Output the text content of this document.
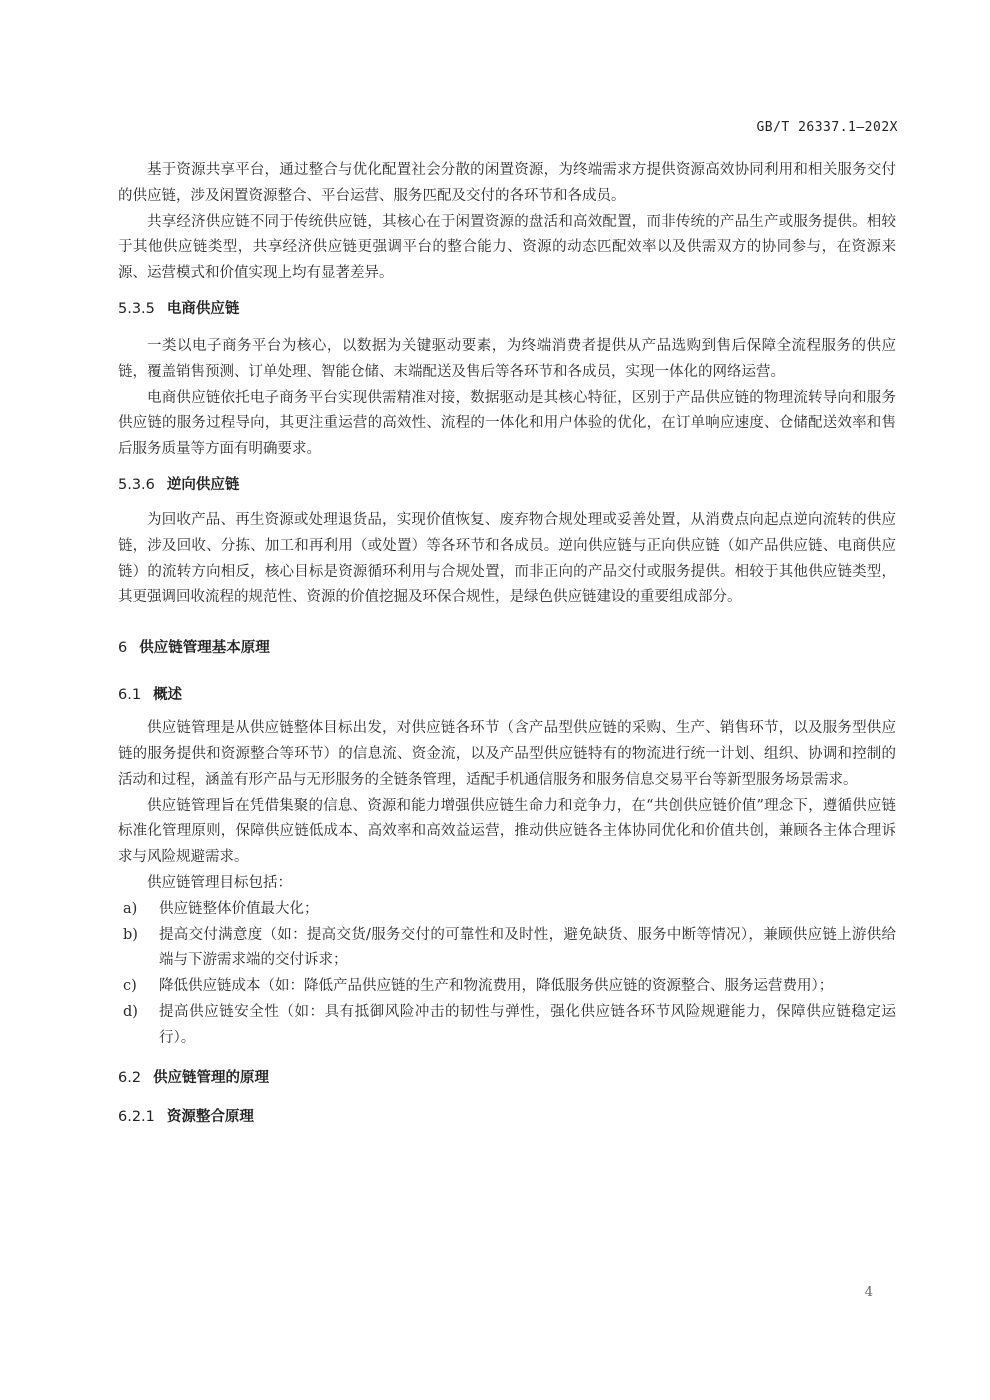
GB/T 26337.1—202X

基于资源共享平台，通过整合与优化配置社会分散的闲置资源，为终端需求方提供资源高效协同利用和相关服务交付的供应链，涉及闲置资源整合、平台运营、服务匹配及交付的各环节和各成员。

共享经济供应链不同于传统供应链，其核心在于闲置资源的盘活和高效配置，而非传统的产品生产或服务提供。相较于其他供应链类型，共享经济供应链更强调平台的整合能力、资源的动态匹配效率以及供需双方的协同参与，在资源来源、运营模式和价值实现上均有显著差异。

5.3.5 电商供应链

一类以电子商务平台为核心，以数据为关键驱动要素，为终端消费者提供从产品选购到售后保障全流程服务的供应链，覆盖销售预测、订单处理、智能仓储、末端配送及售后等各环节和各成员，实现一体化的网络运营。

电商供应链依托电子商务平台实现供需精准对接，数据驱动是其核心特征，区别于产品供应链的物理流转导向和服务供应链的服务过程导向，其更注重运营的高效性、流程的一体化和用户体验的优化，在订单响应速度、仓储配送效率和售后服务质量等方面有明确要求。

5.3.6 逆向供应链

为回收产品、再生资源或处理退货品，实现价值恢复、废弃物合规处理或妥善处置，从消费点向起点逆向流转的供应链，涉及回收、分拣、加工和再利用（或处置）等各环节和各成员。逆向供应链与正向供应链（如产品供应链、电商供应链）的流转方向相反，核心目标是资源循环利用与合规处置，而非正向的产品交付或服务提供。相较于其他供应链类型，其更强调回收流程的规范性、资源的价值挖掘及环保合规性，是绿色供应链建设的重要组成部分。

6 供应链管理基本原理
6.1 概述

供应链管理是从供应链整体目标出发，对供应链各环节（含产品型供应链的采购、生产、销售环节，以及服务型供应链的服务提供和资源整合等环节）的信息流、资金流，以及产品型供应链特有的物流进行统一计划、组织、协调和控制的活动和过程，涵盖有形产品与无形服务的全链条管理，适配手机通信服务和服务信息交易平台等新型服务场景需求。

供应链管理旨在凭借集聚的信息、资源和能力增强供应链生命力和竞争力，在“共创供应链价值”理念下，遵循供应链标准化管理原则，保障供应链低成本、高效率和高效益运营，推动供应链各主体协同优化和价值共创，兼顾各主体合理诉求与风险规避需求。

供应链管理目标包括：

a)	供应链整体价值最大化；
b)	提高交付满意度（如：提高交货/服务交付的可靠性和及时性，避免缺货、服务中断等情况），兼顾供应链上游供给端与下游需求端的交付诉求；
c)	降低供应链成本（如：降低产品供应链的生产和物流费用，降低服务供应链的资源整合、服务运营费用）；
d)	提高供应链安全性（如：具有抵御风险冲击的韧性与弹性，强化供应链各环节风险规避能力，保障供应链稳定运行）。
6.2 供应链管理的原理
6.2.1 资源整合原理
4
